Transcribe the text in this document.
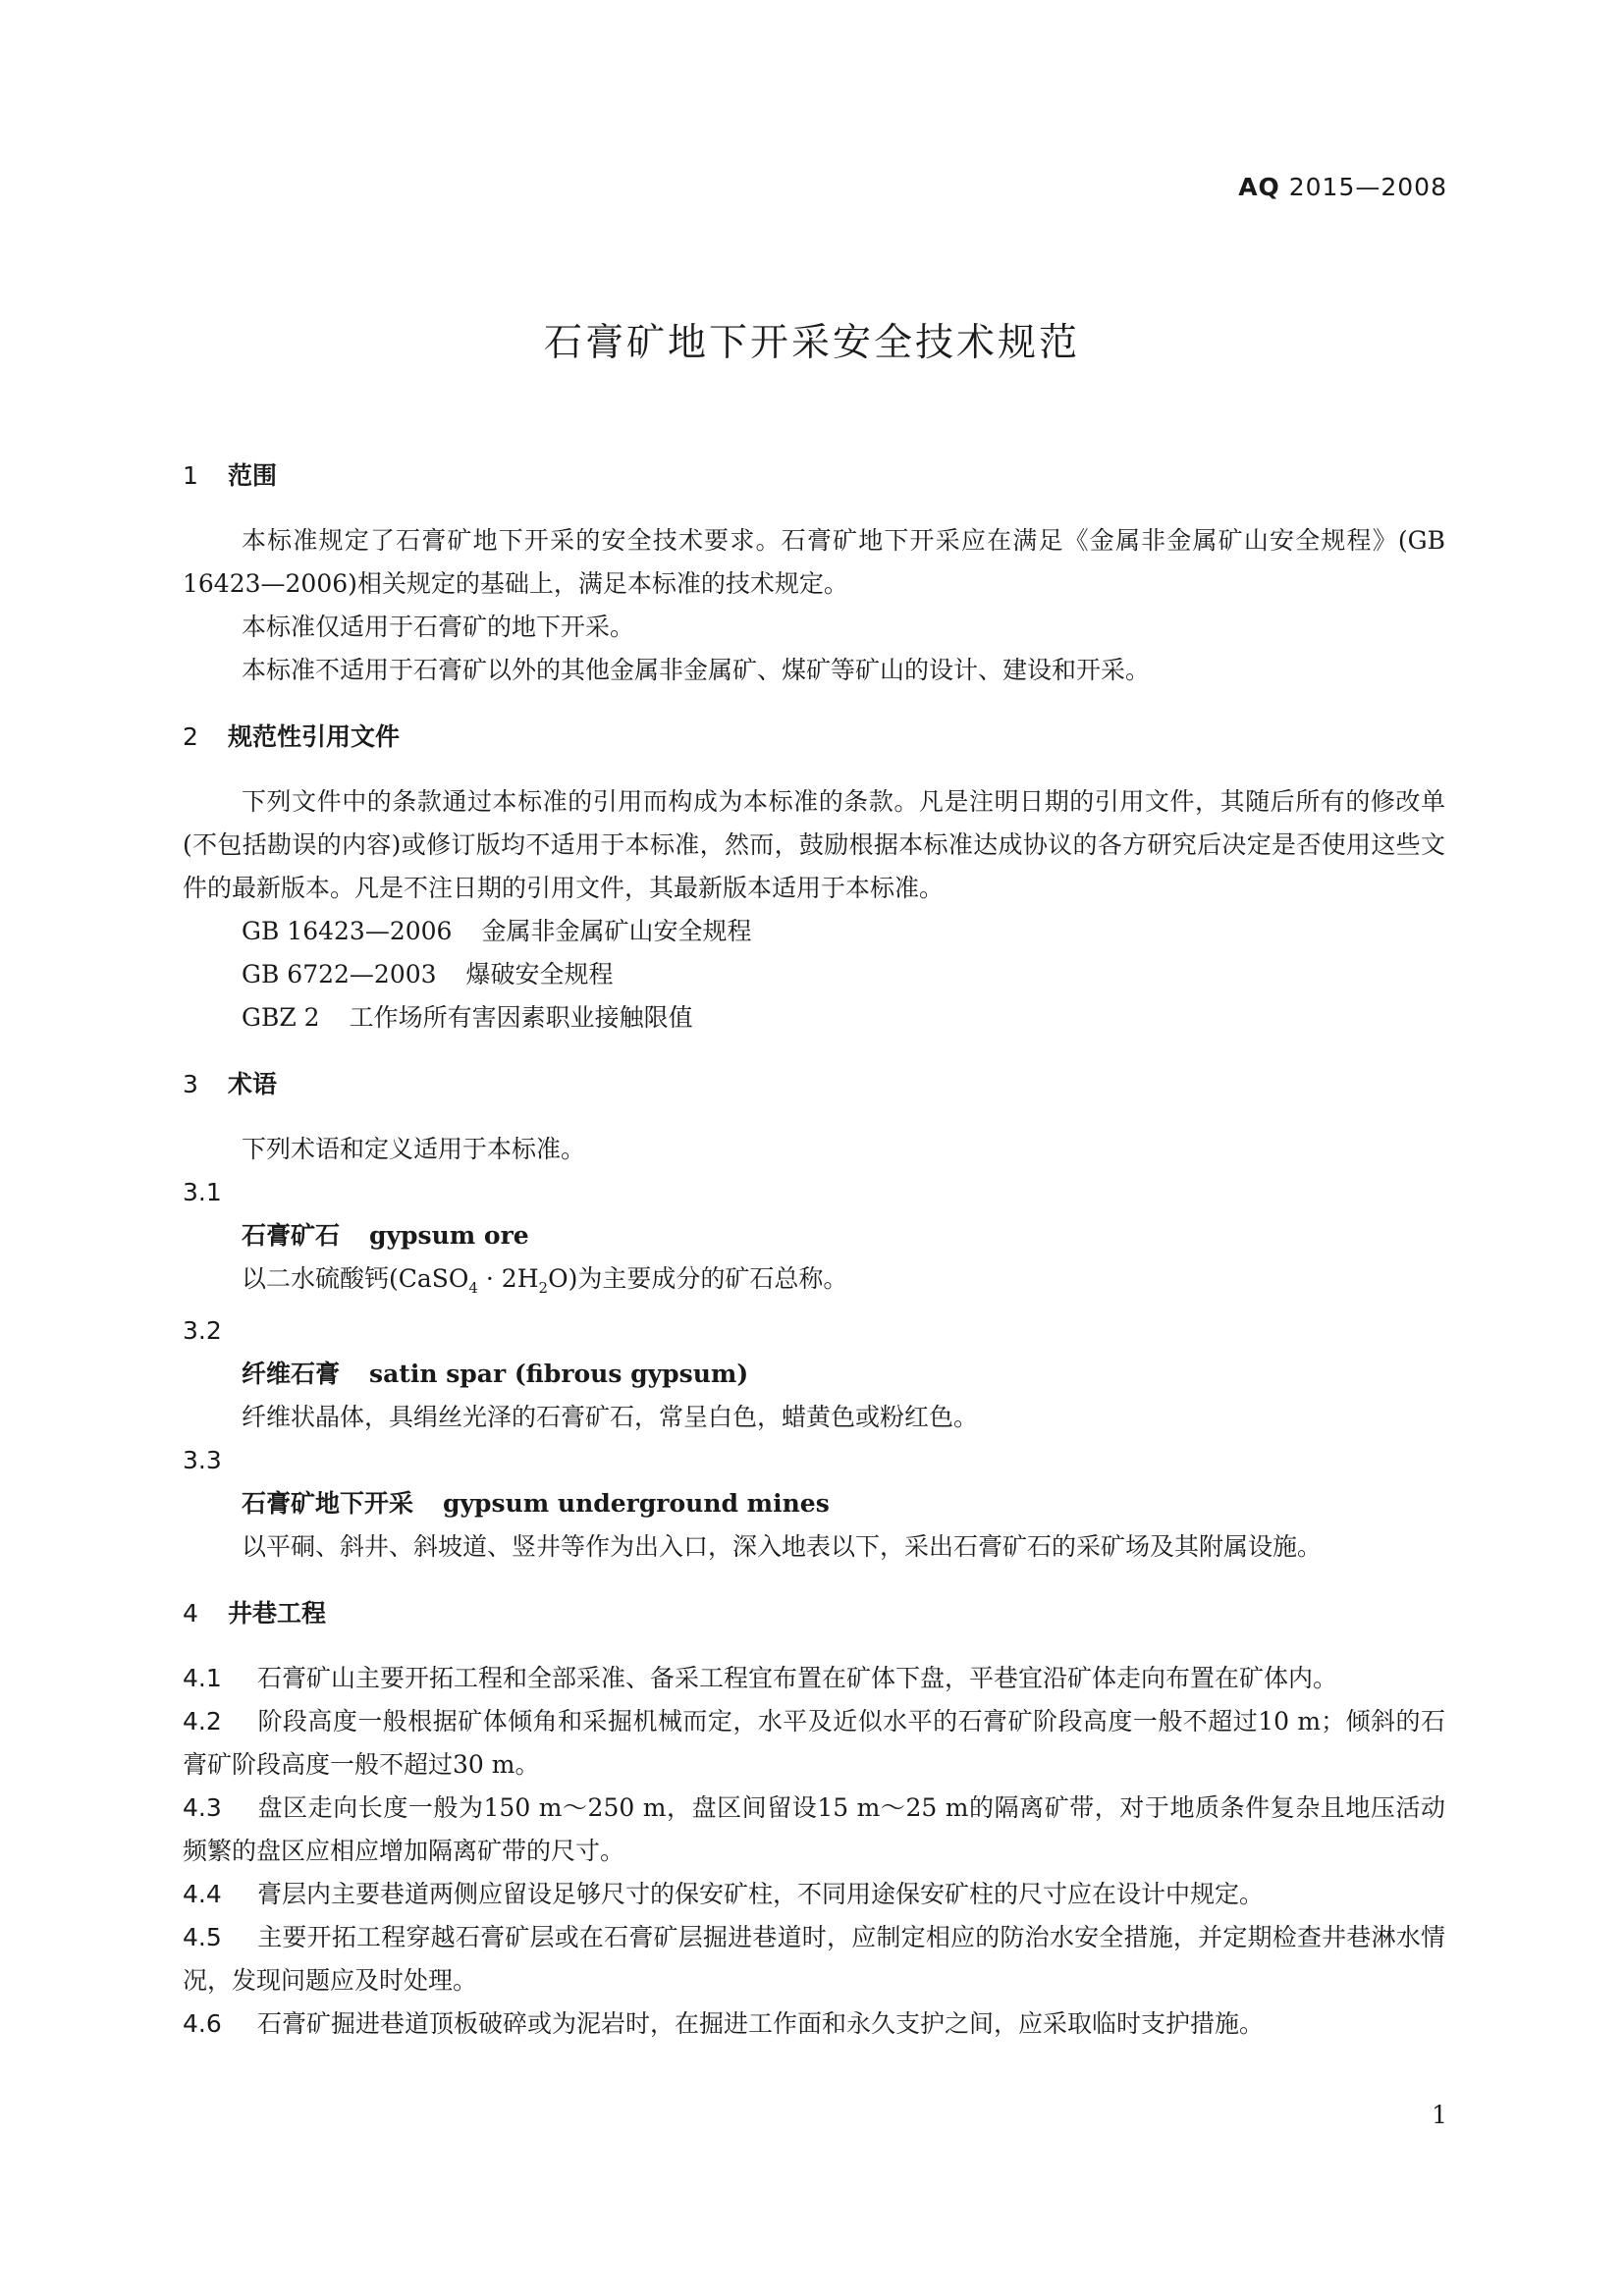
AQ 2015—2008
石膏矿地下开采安全技术规范
1 范围
本标准规定了石膏矿地下开采的安全技术要求。石膏矿地下开采应在满足《金属非金属矿山安全规程》(GB 16423—2006)相关规定的基础上，满足本标准的技术规定。
本标准仅适用于石膏矿的地下开采。
本标准不适用于石膏矿以外的其他金属非金属矿、煤矿等矿山的设计、建设和开采。
2 规范性引用文件
下列文件中的条款通过本标准的引用而构成为本标准的条款。凡是注明日期的引用文件，其随后所有的修改单(不包括勘误的内容)或修订版均不适用于本标准，然而，鼓励根据本标准达成协议的各方研究后决定是否使用这些文件的最新版本。凡是不注日期的引用文件，其最新版本适用于本标准。
GB 16423—2006 金属非金属矿山安全规程
GB 6722—2003 爆破安全规程
GBZ 2 工作场所有害因素职业接触限值
3 术语
下列术语和定义适用于本标准。
3.1
石膏矿石 gypsum ore
以二水硫酸钙(CaSO$_4$ · $2H_2O$)为主要成分的矿石总称。
3.2
纤维石膏 satin spar (fibrous gypsum)
纤维状晶体，具绢丝光泽的石膏矿石，常呈白色，蜡黄色或粉红色。
3.3
石膏矿地下开采 gypsum underground mines
以平硐、斜井、斜坡道、竖井等作为出入口，深入地表以下，采出石膏矿石的采矿场及其附属设施。
4 井巷工程
4.1 石膏矿山主要开拓工程和全部采准、备采工程宜布置在矿体下盘，平巷宜沿矿体走向布置在矿体内。
4.2 阶段高度一般根据矿体倾角和采掘机械而定，水平及近似水平的石膏矿阶段高度一般不超过10 m；倾斜的石膏矿阶段高度一般不超过30 m。
4.3 盘区走向长度一般为150 m～250 m，盘区间留设15 m～25 m的隔离矿带，对于地质条件复杂且地压活动频繁的盘区应相应增加隔离矿带的尺寸。
4.4 膏层内主要巷道两侧应留设足够尺寸的保安矿柱，不同用途保安矿柱的尺寸应在设计中规定。
4.5 主要开拓工程穿越石膏矿层或在石膏矿层掘进巷道时，应制定相应的防治水安全措施，并定期检查井巷淋水情况，发现问题应及时处理。
4.6 石膏矿掘进巷道顶板破碎或为泥岩时，在掘进工作面和永久支护之间，应采取临时支护措施。
1
